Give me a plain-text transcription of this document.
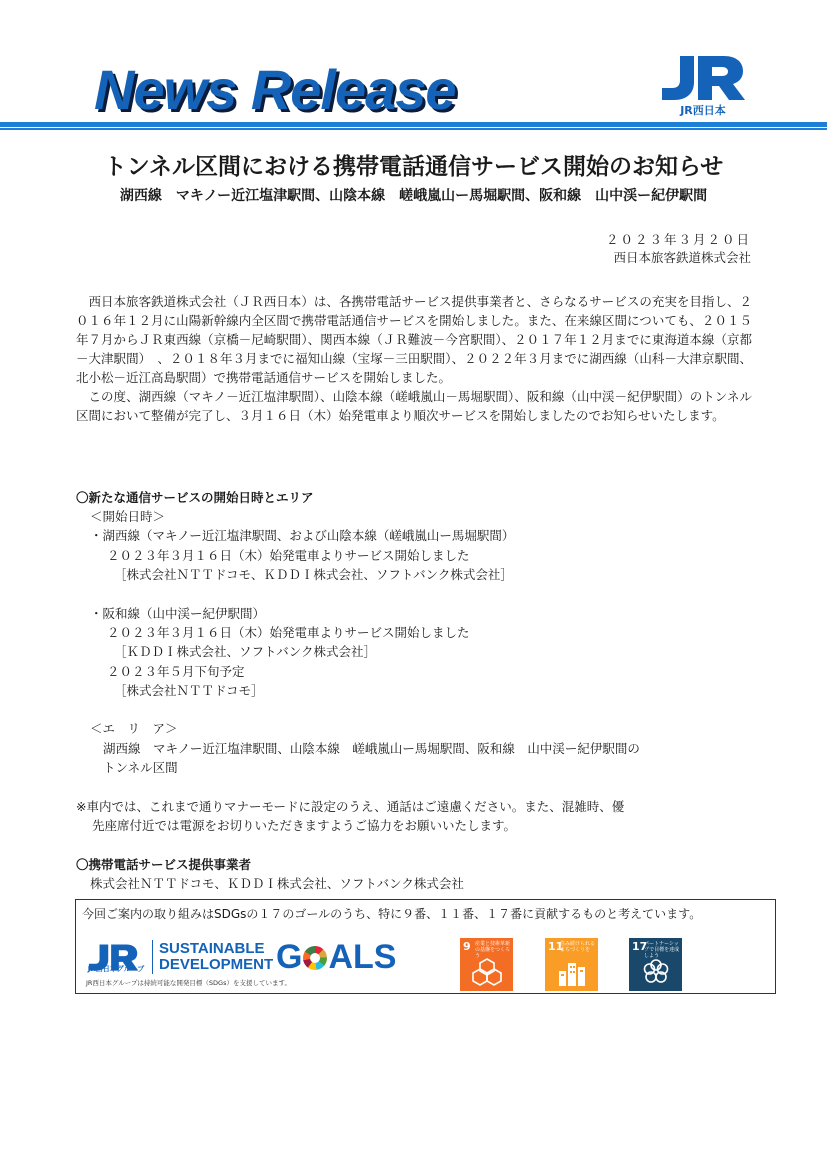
News Release	JR西日本
トンネル区間における携帯電話通信サービス開始のお知らせ
湖西線　マキノー近江塩津駅間、山陰本線　嵯峨嵐山ー馬堀駅間、阪和線　山中渓ー紀伊駅間
２０２３年３月２０日
西日本旅客鉄道株式会社

西日本旅客鉄道株式会社（ＪＲ西日本）は、各携帯電話サービス提供事業者と、さらなるサービスの充実を目指し、２０１６年１２月に山陽新幹線内全区間で携帯電話通信サービスを開始しました。また、在来線区間についても、２０１５年７月からＪＲ東西線（京橋－尼崎駅間）、関西本線（ＪＲ難波－今宮駅間）、２０１７年１２月までに東海道本線（京都－大津駅間）　、２０１８年３月までに福知山線（宝塚－三田駅間）、２０２２年３月までに湖西線（山科－大津京駅間、北小松－近江高島駅間）で携帯電話通信サービスを開始しました。

この度、湖西線（マキノ－近江塩津駅間）、山陰本線（嵯峨嵐山－馬堀駅間）、阪和線（山中渓－紀伊駅間）のトンネル区間において整備が完了し、３月１６日（木）始発電車より順次サービスを開始しましたのでお知らせいたします。

〇新たな通信サービスの開始日時とエリア
＜開始日時＞
・湖西線（マキノー近江塩津駅間、および山陰本線（嵯峨嵐山ー馬堀駅間）
２０２３年３月１６日（木）始発電車よりサービス開始しました
［株式会社ＮＴＴドコモ、ＫＤＤＩ株式会社、ソフトバンク株式会社］
・阪和線（山中渓ー紀伊駅間）
２０２３年３月１６日（木）始発電車よりサービス開始しました
［ＫＤＤＩ株式会社、ソフトバンク株式会社］
２０２３年５月下旬予定
［株式会社ＮＴＴドコモ］
＜エ　リ　ア＞
湖西線　マキノー近江塩津駅間、山陰本線　嵯峨嵐山ー馬堀駅間、阪和線　山中渓ー紀伊駅間の
トンネル区間
※車内では、これまで通りマナーモードに設定のうえ、通話はご遠慮ください。また、混雑時、優
先座席付近では電源をお切りいただきますようご協力をお願いいたします。
〇携帯電話サービス提供事業者
株式会社ＮＴＴドコモ、ＫＤＤＩ株式会社、ソフトバンク株式会社
今回ご案内の取り組みはSDGsの１７のゴールのうち、特に９番、１１番、１７番に貢献するものと考えています。
JR西日本グループ
SUSTAINABLE
DEVELOPMENT G ALS
JR西日本グループは持続可能な開発目標（SDGs）を支援しています。
9 産業と技術革新の基盤をつくろう
11
住み続けられるまちづくりを	17
パートナーシップで目標を達成しよう
